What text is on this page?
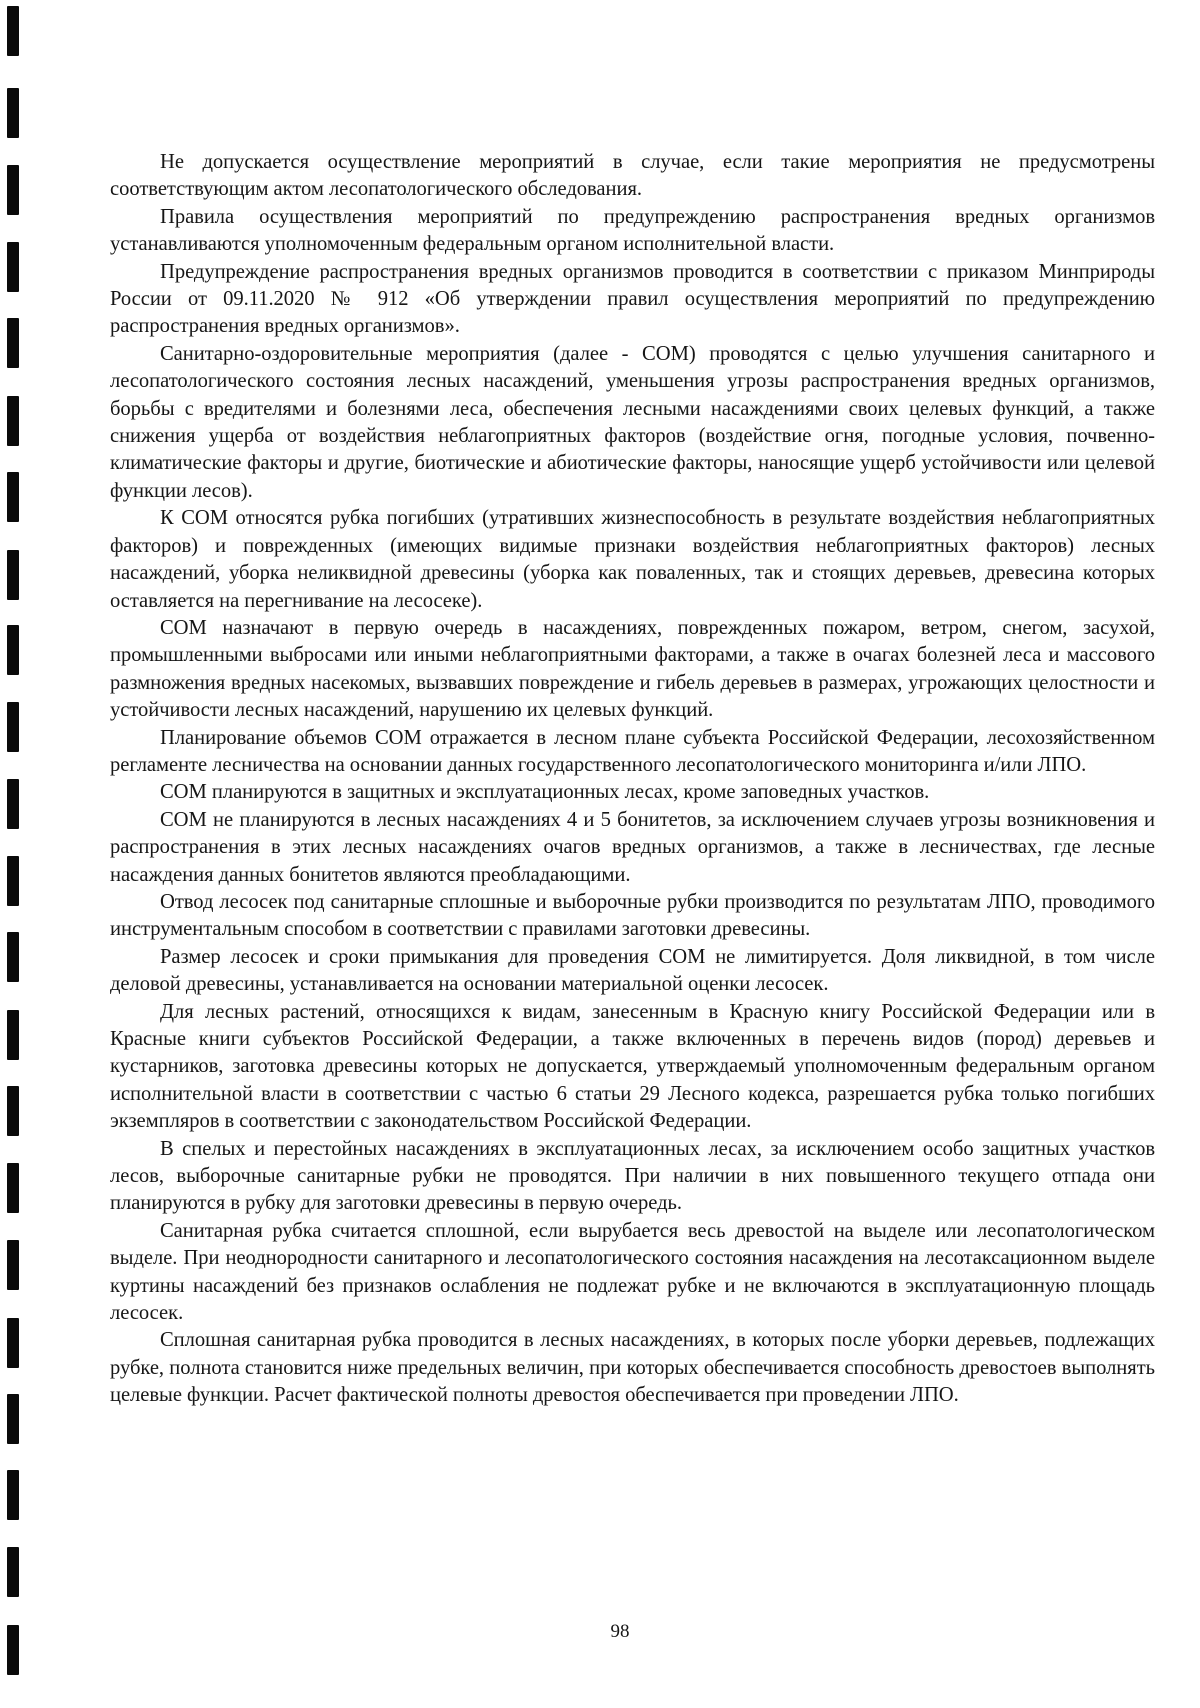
Не допускается осуществление мероприятий в случае, если такие мероприятия не предусмотрены соответствующим актом лесопатологического обследования.

Правила осуществления мероприятий по предупреждению распространения вредных организмов устанавливаются уполномоченным федеральным органом исполнительной власти.

Предупреждение распространения вредных организмов проводится в соответствии с приказом Минприроды России от 09.11.2020 № 912 «Об утверждении правил осуществления мероприятий по предупреждению распространения вредных организмов».

Санитарно-оздоровительные мероприятия (далее - СОМ) проводятся с целью улучшения санитарного и лесопатологического состояния лесных насаждений, уменьшения угрозы распространения вредных организмов, борьбы с вредителями и болезнями леса, обеспечения лесными насаждениями своих целевых функций, а также снижения ущерба от воздействия неблагоприятных факторов (воздействие огня, погодные условия, почвенно-климатические факторы и другие, биотические и абиотические факторы, наносящие ущерб устойчивости или целевой функции лесов).

К СОМ относятся рубка погибших (утративших жизнеспособность в результате воздействия неблагоприятных факторов) и поврежденных (имеющих видимые признаки воздействия неблагоприятных факторов) лесных насаждений, уборка неликвидной древесины (уборка как поваленных, так и стоящих деревьев, древесина которых оставляется на перегнивание на лесосеке).

СОМ назначают в первую очередь в насаждениях, поврежденных пожаром, ветром, снегом, засухой, промышленными выбросами или иными неблагоприятными факторами, а также в очагах болезней леса и массового размножения вредных насекомых, вызвавших повреждение и гибель деревьев в размерах, угрожающих целостности и устойчивости лесных насаждений, нарушению их целевых функций.

Планирование объемов СОМ отражается в лесном плане субъекта Российской Федерации, лесохозяйственном регламенте лесничества на основании данных государственного лесопатологического мониторинга и/или ЛПО.

СОМ планируются в защитных и эксплуатационных лесах, кроме заповедных участков.

СОМ не планируются в лесных насаждениях 4 и 5 бонитетов, за исключением случаев угрозы возникновения и распространения в этих лесных насаждениях очагов вредных организмов, а также в лесничествах, где лесные насаждения данных бонитетов являются преобладающими.

Отвод лесосек под санитарные сплошные и выборочные рубки производится по результатам ЛПО, проводимого инструментальным способом в соответствии с правилами заготовки древесины.

Размер лесосек и сроки примыкания для проведения СОМ не лимитируется. Доля ликвидной, в том числе деловой древесины, устанавливается на основании материальной оценки лесосек.

Для лесных растений, относящихся к видам, занесенным в Красную книгу Российской Федерации или в Красные книги субъектов Российской Федерации, а также включенных в перечень видов (пород) деревьев и кустарников, заготовка древесины которых не допускается, утверждаемый уполномоченным федеральным органом исполнительной власти в соответствии с частью 6 статьи 29 Лесного кодекса, разрешается рубка только погибших экземпляров в соответствии с законодательством Российской Федерации.

В спелых и перестойных насаждениях в эксплуатационных лесах, за исключением особо защитных участков лесов, выборочные санитарные рубки не проводятся. При наличии в них повышенного текущего отпада они планируются в рубку для заготовки древесины в первую очередь.

Санитарная рубка считается сплошной, если вырубается весь древостой на выделе или лесопатологическом выделе. При неоднородности санитарного и лесопатологического состояния насаждения на лесотаксационном выделе куртины насаждений без признаков ослабления не подлежат рубке и не включаются в эксплуатационную площадь лесосек.

Сплошная санитарная рубка проводится в лесных насаждениях, в которых после уборки деревьев, подлежащих рубке, полнота становится ниже предельных величин, при которых обеспечивается способность древостоев выполнять целевые функции. Расчет фактической полноты древостоя обеспечивается при проведении ЛПО.

98
